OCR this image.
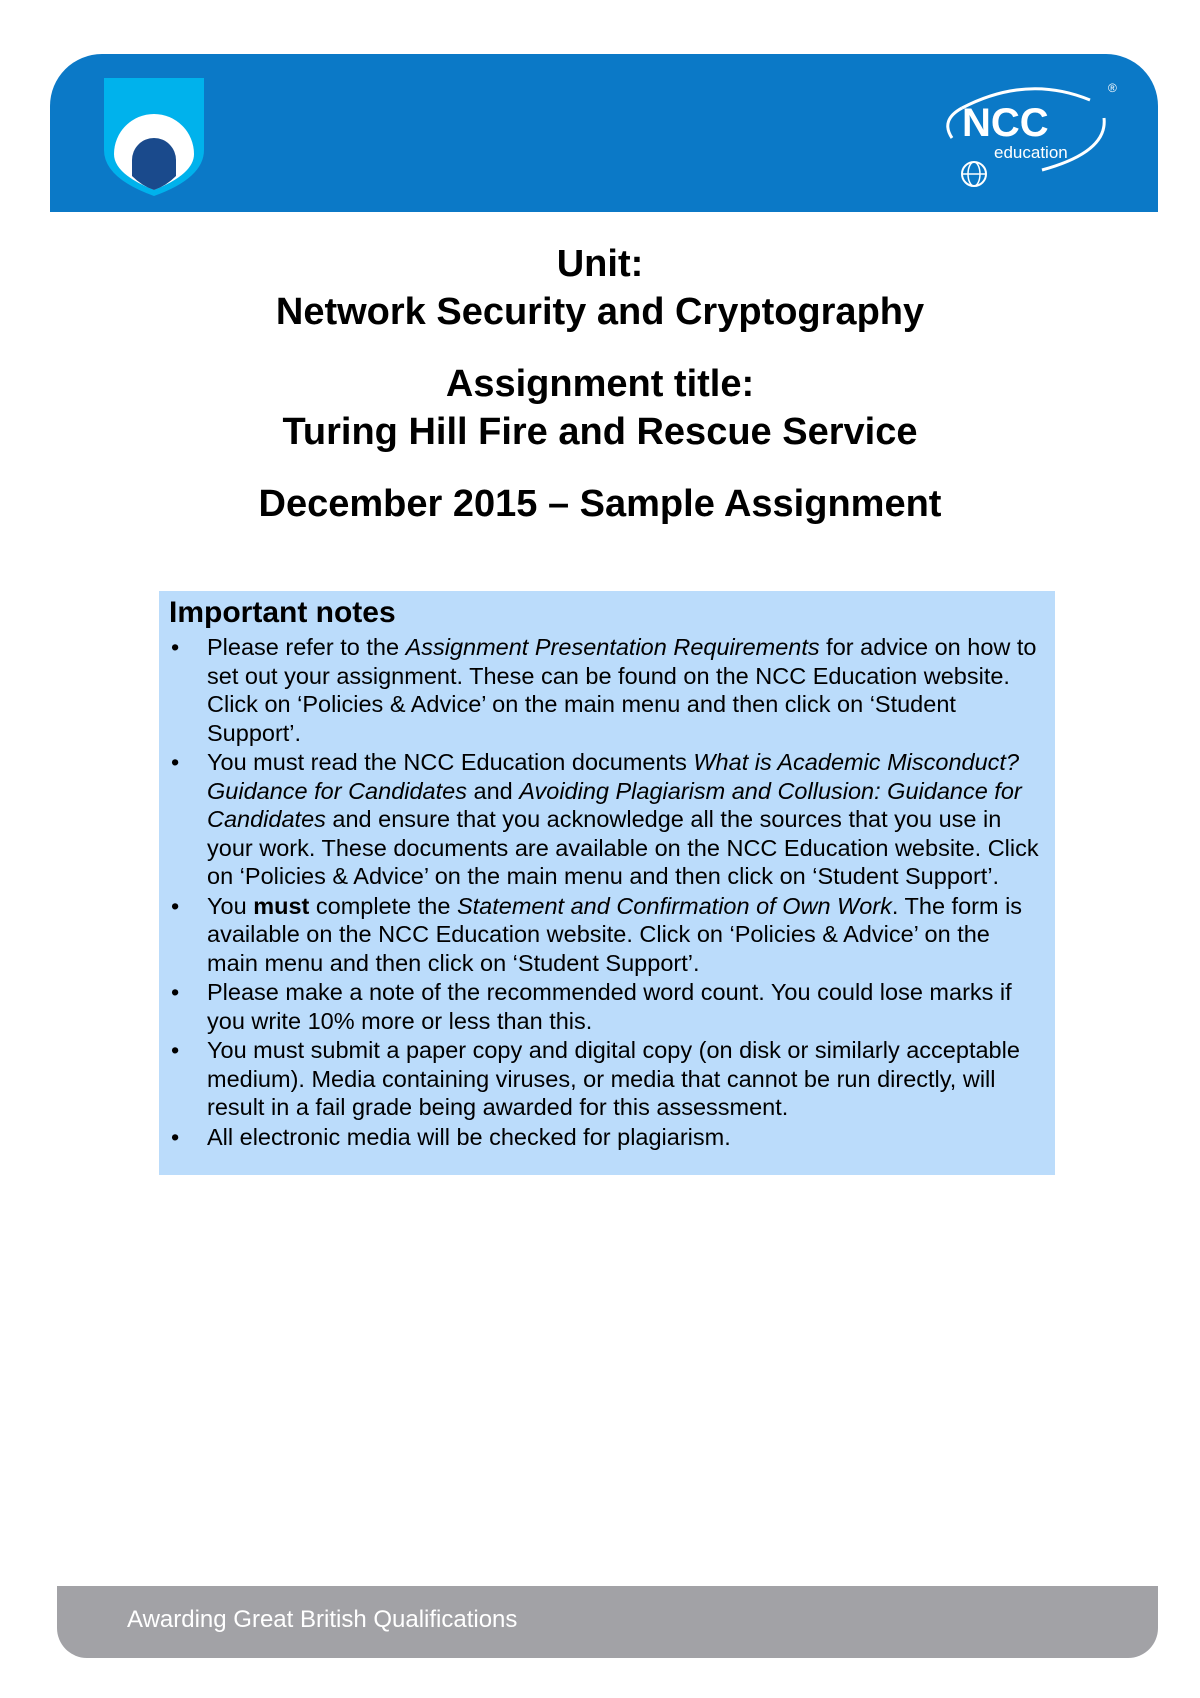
NCC
education
®
Unit:
Network Security and Cryptography
Assignment title:
Turing Hill Fire and Rescue Service
December 2015 – Sample Assignment
Important notes
• Please refer to the Assignment Presentation Requirements for advice on how to set out your assignment. These can be found on the NCC Education website. Click on ‘Policies & Advice’ on the main menu and then click on ‘Student Support’.
• You must read the NCC Education documents What is Academic Misconduct? Guidance for Candidates and Avoiding Plagiarism and Collusion: Guidance for Candidates and ensure that you acknowledge all the sources that you use in your work. These documents are available on the NCC Education website. Click on ‘Policies & Advice’ on the main menu and then click on ‘Student Support’.
• You must complete the Statement and Confirmation of Own Work. The form is available on the NCC Education website. Click on ‘Policies & Advice’ on the main menu and then click on ‘Student Support’.
• Please make a note of the recommended word count. You could lose marks if you write 10% more or less than this.
• You must submit a paper copy and digital copy (on disk or similarly acceptable medium). Media containing viruses, or media that cannot be run directly, will result in a fail grade being awarded for this assessment.
• All electronic media will be checked for plagiarism.
Awarding Great British Qualifications
